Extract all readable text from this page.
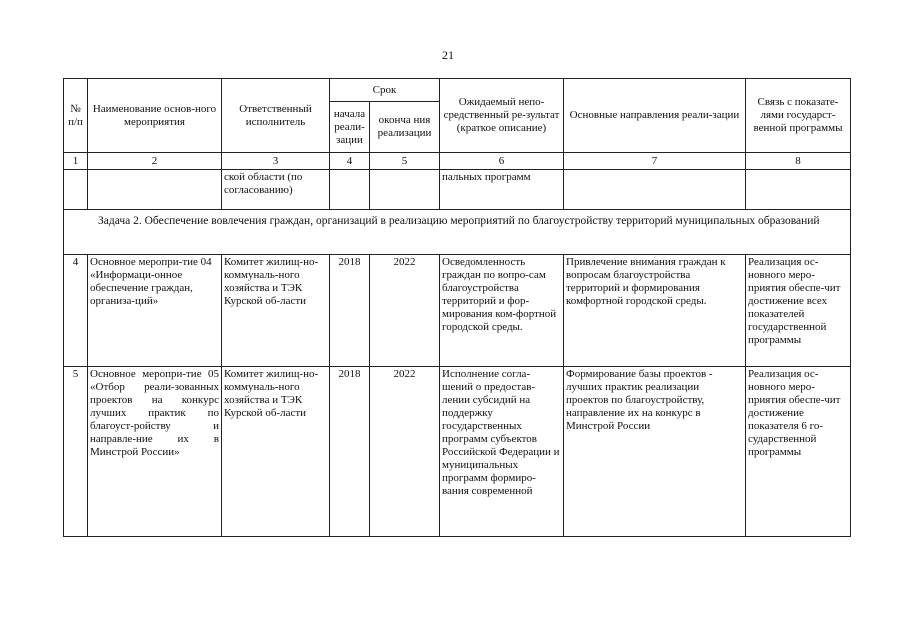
21
№ п/п	Наименование основ-ного мероприятия	Ответственный исполнитель	Срок		Ожидаемый непо-средственный ре-зультат (краткое описание)	Основные направления реали-зации	Связь с показате-лями государст-венной программы
			начала реали-зации	оконча ния реализации			
1	2	3	4	5	6	7	8
		ской области (по согласованию)			пальных программ		
Задача 2. Обеспечение вовлечения граждан, организаций в реализацию мероприятий по благоустройству территорий муниципальных образований							
4	Основное меропри-тие 04 «Информаци-онное обеспечение граждан, организа-ций»	Комитет жилищ-но-коммуналь-ного хозяйства и ТЭК Курской об-ласти	2018	2022	Осведомленность граждан по вопро-сам благоустройства территорий и фор-мирования ком-фортной городской среды.	Привлечение внимания граждан к вопросам благоустройства территорий и формирования комфортной городской среды.	Реализация ос-новного меро-приятия обеспе-чит достижение всех показателей государственной программы
5	Основное меропри-тие 05 «Отбор реали-зованных проектов на конкурс лучших практик по благоуст-ройству и направле-ние их в Минстрой России»	Комитет жилищ-но-коммуналь-ного хозяйства и ТЭК Курской об-ласти	2018	2022	Исполнение согла-шений о предостав-лении субсидий на поддержку государственных программ субъектов Российской Федерации и муниципальных программ формиро-вания современной	Формирование базы проектов - лучших практик реализации проектов по благоустройству, направление их на конкурс в Минстрой России	Реализация ос-новного меро-приятия обеспе-чит достижение показателя 6 го-сударственной программы
